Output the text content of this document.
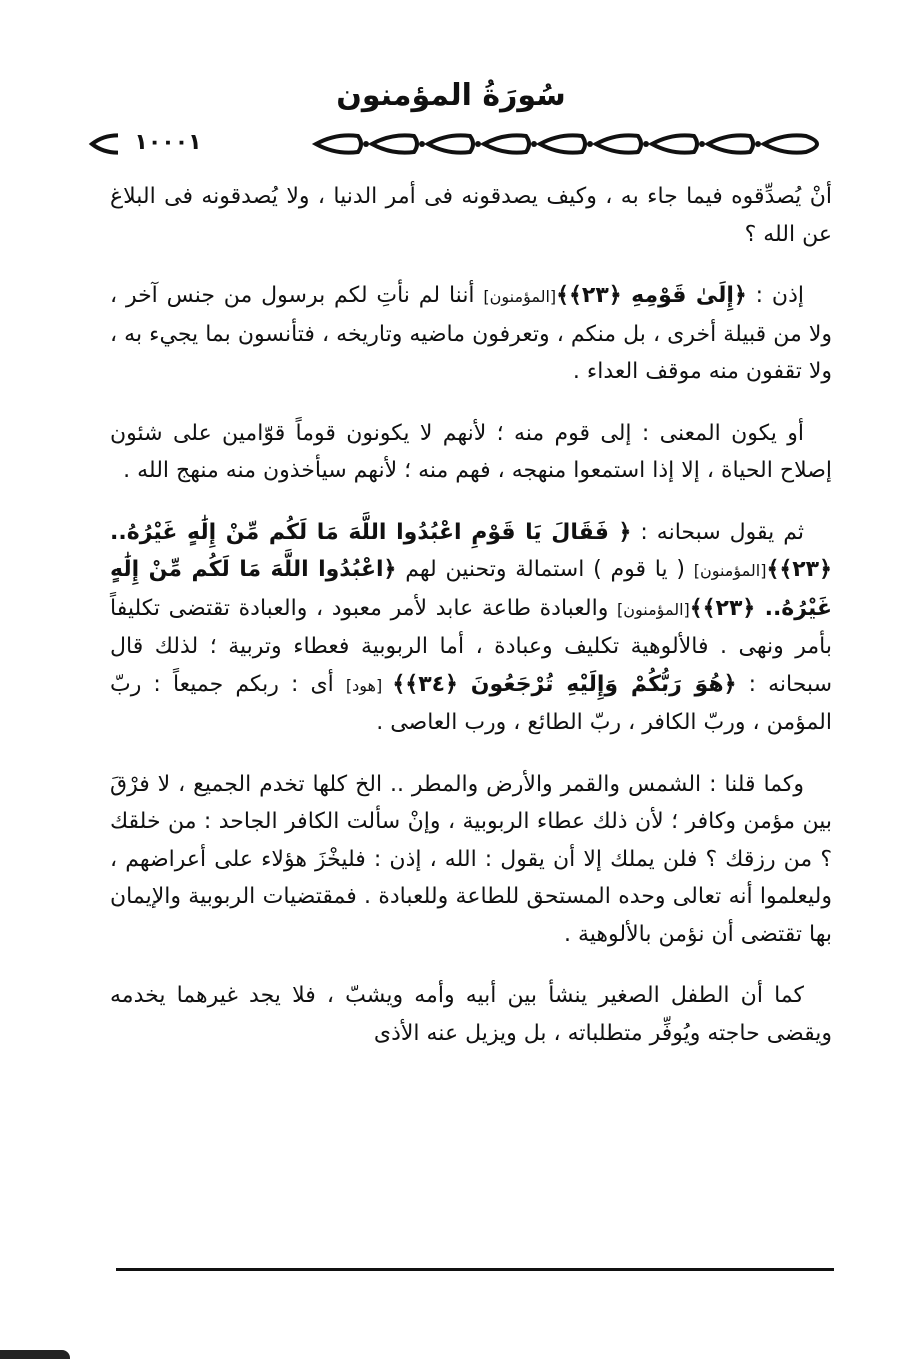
سُورَةُ المؤمنون
١٠٠٠١

أنْ يُصدِّقوه فيما جاء به ، وكيف يصدقونه فى أمر الدنيا ، ولا يُصدقونه فى البلاغ عن الله ؟

إذن : ﴿إِلَىٰ قَوْمِهِ ﴿٢٣﴾﴾[المؤمنون] أننا لم نأتِ لكم برسول من جنس آخر ، ولا من قبيلة أخرى ، بل منكم ، وتعرفون ماضيه وتاريخه ، فتأنسون بما يجيء به ، ولا تقفون منه موقف العداء .

أو يكون المعنى : إلى قوم منه ؛ لأنهم لا يكونون قوماً قوّامين على شئون إصلاح الحياة ، إلا إذا استمعوا منهجه ، فهم منه ؛ لأنهم سيأخذون منه منهج الله .

ثم يقول سبحانه : ﴿ فَقَالَ يَا قَوْمِ اعْبُدُوا اللَّهَ مَا لَكُم مِّنْ إِلَٰهٍ غَيْرُهُ.. ﴿٢٣﴾﴾[المؤمنون] ( يا قوم ) استمالة وتحنين لهم ﴿اعْبُدُوا اللَّهَ مَا لَكُم مِّنْ إِلَٰهٍ غَيْرُهُ.. ﴿٢٣﴾﴾[المؤمنون] والعبادة طاعة عابد لأمر معبود ، والعبادة تقتضى تكليفاً بأمر ونهى . فالألوهية تكليف وعبادة ، أما الربوبية فعطاء وتربية ؛ لذلك قال سبحانه : ﴿هُوَ رَبُّكُمْ وَإِلَيْهِ تُرْجَعُونَ ﴿٣٤﴾﴾ [هود] أى : ربكم جميعاً : ربّ المؤمن ، وربّ الكافر ، ربّ الطائع ، ورب العاصى .

وكما قلنا : الشمس والقمر والأرض والمطر .. الخ كلها تخدم الجميع ، لا فرْقَ بين مؤمن وكافر ؛ لأن ذلك عطاء الربوبية ، وإنْ سألت الكافر الجاحد : من خلقك ؟ من رزقك ؟ فلن يملك إلا أن يقول : الله ، إذن : فليخْزَ هؤلاء على أعراضهم ، وليعلموا أنه تعالى وحده المستحق للطاعة وللعبادة . فمقتضيات الربوبية والإيمان بها تقتضى أن نؤمن بالألوهية .

كما أن الطفل الصغير ينشأ بين أبيه وأمه ويشبّ ، فلا يجد غيرهما يخدمه ويقضى حاجته ويُوفِّر متطلباته ، بل ويزيل عنه الأذى
